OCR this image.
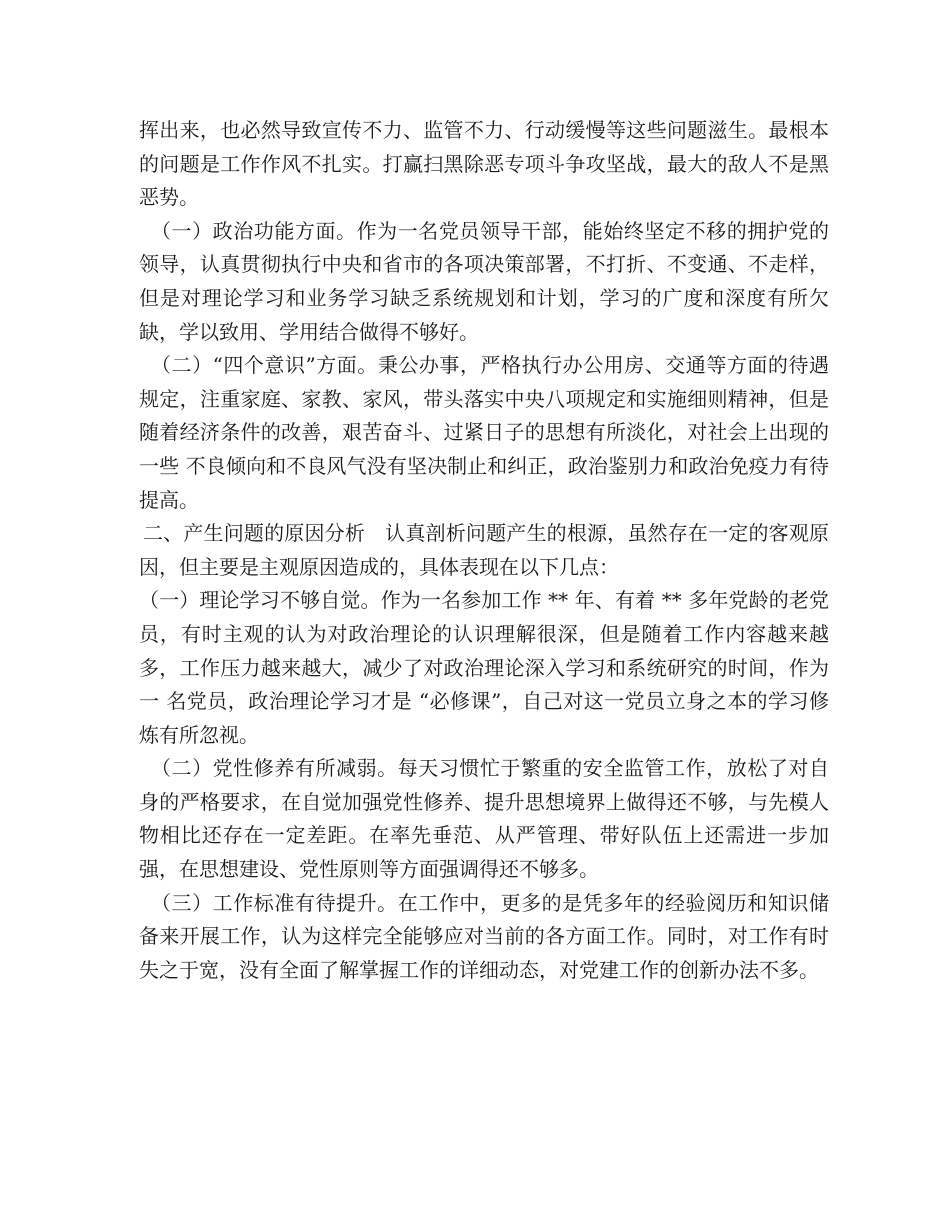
挥出来，也必然导致宣传不力、监管不力、行动缓慢等这些问题滋生。最根本的问题是工作作风不扎实。打赢扫黑除恶专项斗争攻坚战，最大的敌人不是黑恶势。

（一）政治功能方面。作为一名党员领导干部，能始终坚定不移的拥护党的领导，认真贯彻执行中央和省市的各项决策部署，不打折、不变通、不走样，但是对理论学习和业务学习缺乏系统规划和计划，学习的广度和深度有所欠缺，学以致用、学用结合做得不够好。

（二）“四个意识”方面。秉公办事，严格执行办公用房、交通等方面的待遇规定，注重家庭、家教、家风，带头落实中央八项规定和实施细则精神，但是随着经济条件的改善，艰苦奋斗、过紧日子的思想有所淡化，对社会上出现的一些 不良倾向和不良风气没有坚决制止和纠正，政治鉴别力和政治免疫力有待提高。

二、产生问题的原因分析　认真剖析问题产生的根源，虽然存在一定的客观原因，但主要是主观原因造成的，具体表现在以下几点：

（一）理论学习不够自觉。作为一名参加工作 ** 年、有着 ** 多年党龄的老党员，有时主观的认为对政治理论的认识理解很深，但是随着工作内容越来越多，工作压力越来越大，减少了对政治理论深入学习和系统研究的时间，作为一 名党员，政治理论学习才是 “必修课”，自己对这一党员立身之本的学习修炼有所忽视。

（二）党性修养有所减弱。每天习惯忙于繁重的安全监管工作，放松了对自身的严格要求，在自觉加强党性修养、提升思想境界上做得还不够，与先模人物相比还存在一定差距。在率先垂范、从严管理、带好队伍上还需进一步加强，在思想建设、党性原则等方面强调得还不够多。

（三）工作标准有待提升。在工作中，更多的是凭多年的经验阅历和知识储备来开展工作，认为这样完全能够应对当前的各方面工作。同时，对工作有时失之于宽，没有全面了解掌握工作的详细动态，对党建工作的创新办法不多。
